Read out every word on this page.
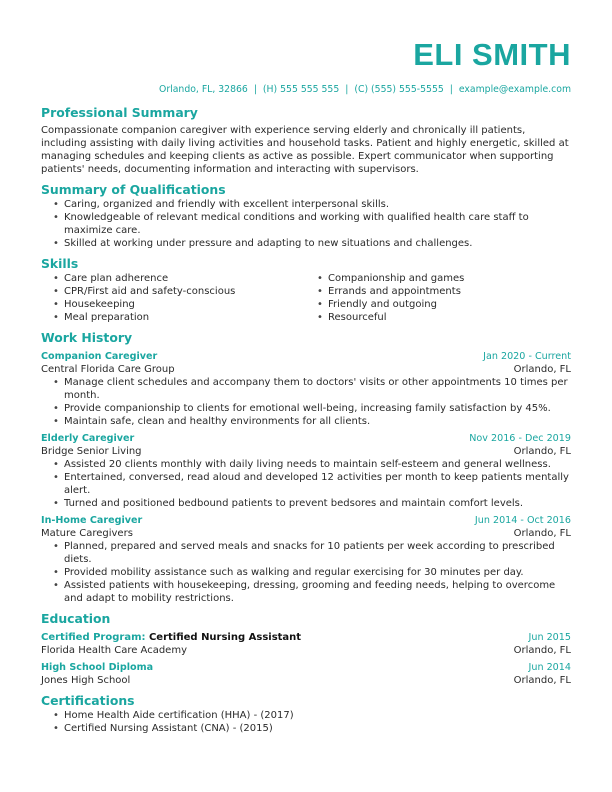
ELI SMITH
Orlando, FL, 32866 | (H) 555 555 555 | (C) (555) 555-5555 | example@example.com
Professional Summary

Compassionate companion caregiver with experience serving elderly and chronically ill patients, including assisting with daily living activities and household tasks. Patient and highly energetic, skilled at managing schedules and keeping clients as active as possible. Expert communicator when supporting patients' needs, documenting information and interacting with supervisors.

Summary of Qualifications
• Caring, organized and friendly with excellent interpersonal skills.
• Knowledgeable of relevant medical conditions and working with qualified health care staff to maximize care.
• Skilled at working under pressure and adapting to new situations and challenges.
Skills
• Care plan adherence
• CPR/First aid and safety-conscious
• Housekeeping
• Meal preparation
• Companionship and games
• Errands and appointments
• Friendly and outgoing
• Resourceful
Work History
Companion Caregiver	Jan 2020 - Current
Central Florida Care Group	Orlando, FL
• Manage client schedules and accompany them to doctors' visits or other appointments 10 times per month.
• Provide companionship to clients for emotional well-being, increasing family satisfaction by 45%.
• Maintain safe, clean and healthy environments for all clients.
Elderly Caregiver	Nov 2016 - Dec 2019
Bridge Senior Living	Orlando, FL
• Assisted 20 clients monthly with daily living needs to maintain self-esteem and general wellness.
• Entertained, conversed, read aloud and developed 12 activities per month to keep patients mentally alert.
• Turned and positioned bedbound patients to prevent bedsores and maintain comfort levels.
In-Home Caregiver	Jun 2014 - Oct 2016
Mature Caregivers	Orlando, FL
• Planned, prepared and served meals and snacks for 10 patients per week according to prescribed diets.
• Provided mobility assistance such as walking and regular exercising for 30 minutes per day.
• Assisted patients with housekeeping, dressing, grooming and feeding needs, helping to overcome and adapt to mobility restrictions.
Education
Certified Program: Certified Nursing Assistant	Jun 2015
Florida Health Care Academy	Orlando, FL
High School Diploma	Jun 2014
Jones High School	Orlando, FL
Certifications
• Home Health Aide certification (HHA) - (2017)
• Certified Nursing Assistant (CNA) - (2015)
